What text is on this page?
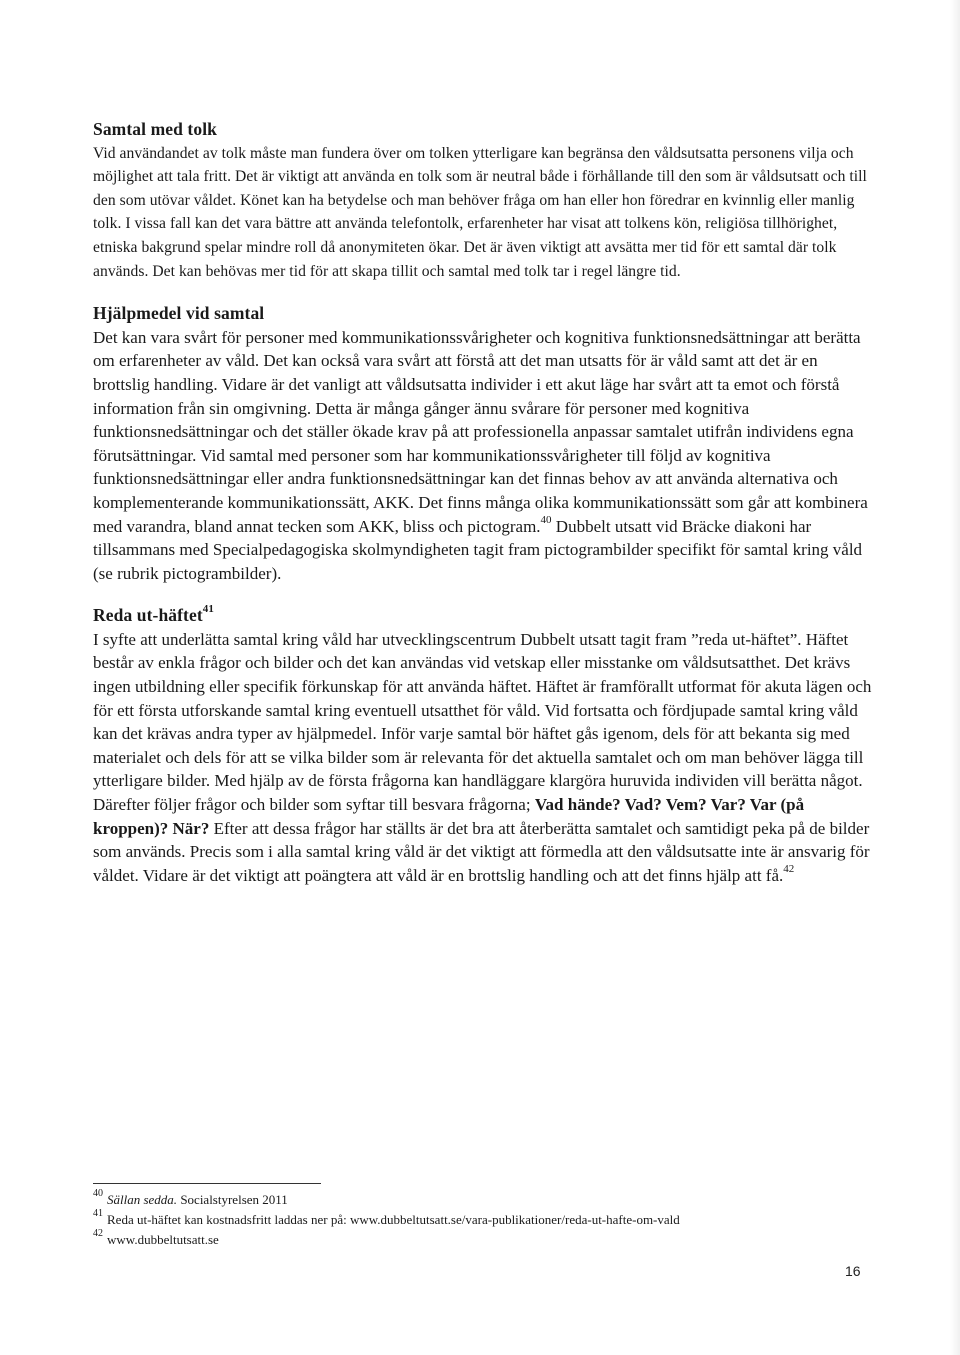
Samtal med tolk

Vid användandet av tolk måste man fundera över om tolken ytterligare kan begränsa den våldsutsatta personens vilja och möjlighet att tala fritt. Det är viktigt att använda en tolk som är neutral både i förhållande till den som är våldsutsatt och till den som utövar våldet. Könet kan ha betydelse och man behöver fråga om han eller hon föredrar en kvinnlig eller manlig tolk. I vissa fall kan det vara bättre att använda telefontolk, erfarenheter har visat att tolkens kön, religiösa tillhörighet, etniska bakgrund spelar mindre roll då anonymiteten ökar. Det är även viktigt att avsätta mer tid för ett samtal där tolk används. Det kan behövas mer tid för att skapa tillit och samtal med tolk tar i regel längre tid.

Hjälpmedel vid samtal

Det kan vara svårt för personer med kommunikationssvårigheter och kognitiva funktionsnedsättningar att berätta om erfarenheter av våld. Det kan också vara svårt att förstå att det man utsatts för är våld samt att det är en brottslig handling. Vidare är det vanligt att våldsutsatta individer i ett akut läge har svårt att ta emot och förstå information från sin omgivning. Detta är många gånger ännu svårare för personer med kognitiva funktionsnedsättningar och det ställer ökade krav på att professionella anpassar samtalet utifrån individens egna förutsättningar. Vid samtal med personer som har kommunikationssvårigheter till följd av kognitiva funktionsnedsättningar eller andra funktionsnedsättningar kan det finnas behov av att använda alternativa och komplementerande kommunikationssätt, AKK. Det finns många olika kommunikationssätt som går att kombinera med varandra, bland annat tecken som AKK, bliss och pictogram.$^{40}$ Dubbelt utsatt vid Bräcke diakoni har tillsammans med Specialpedagogiska skolmyndigheten tagit fram pictogrambilder specifikt för samtal kring våld (se rubrik pictogrambilder).

Reda ut-häftet$^{41}$

I syfte att underlätta samtal kring våld har utvecklingscentrum Dubbelt utsatt tagit fram ”reda ut-häftet”. Häftet består av enkla frågor och bilder och det kan användas vid vetskap eller misstanke om våldsutsatthet. Det krävs ingen utbildning eller specifik förkunskap för att använda häftet. Häftet är framförallt utformat för akuta lägen och för ett första utforskande samtal kring eventuell utsatthet för våld. Vid fortsatta och fördjupade samtal kring våld kan det krävas andra typer av hjälpmedel. Inför varje samtal bör häftet gås igenom, dels för att bekanta sig med materialet och dels för att se vilka bilder som är relevanta för det aktuella samtalet och om man behöver lägga till ytterligare bilder. Med hjälp av de första frågorna kan handläggare klargöra huruvida individen vill berätta något. Därefter följer frågor och bilder som syftar till besvara frågorna; Vad hände? Vad? Vem? Var? Var (på kroppen)? När? Efter att dessa frågor har ställts är det bra att återberätta samtalet och samtidigt peka på de bilder som används. Precis som i alla samtal kring våld är det viktigt att förmedla att den våldsutsatte inte är ansvarig för våldet. Vidare är det viktigt att poängtera att våld är en brottslig handling och att det finns hjälp att få.$^{42}$

$^{40}$ Sällan sedda. Socialstyrelsen 2011

$^{41}$ Reda ut-häftet kan kostnadsfritt laddas ner på: www.dubbeltutsatt.se/vara-publikationer/reda-ut-hafte-om-vald

$^{42}$ www.dubbeltutsatt.se

16
